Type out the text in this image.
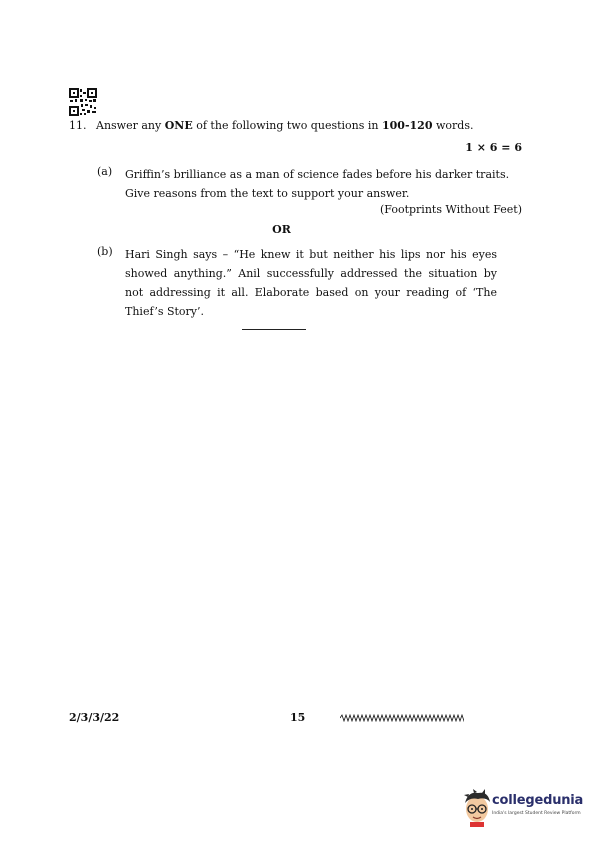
11. Answer any ONE of the following two questions in 100-120 words.
1 × 6 = 6
(a) Griffin’s brilliance as a man of science fades before his darker traits.
Give reasons from the text to support your answer.
(Footprints Without Feet)
OR
(b) Hari Singh says – “He knew it but neither his lips nor his eyes showed anything.” Anil successfully addressed the situation by not addressing it all. Elaborate based on your reading of ‘The Thief’s Story’.
2/3/3/22	15
collegedunia
India's largest Student Review Platform
